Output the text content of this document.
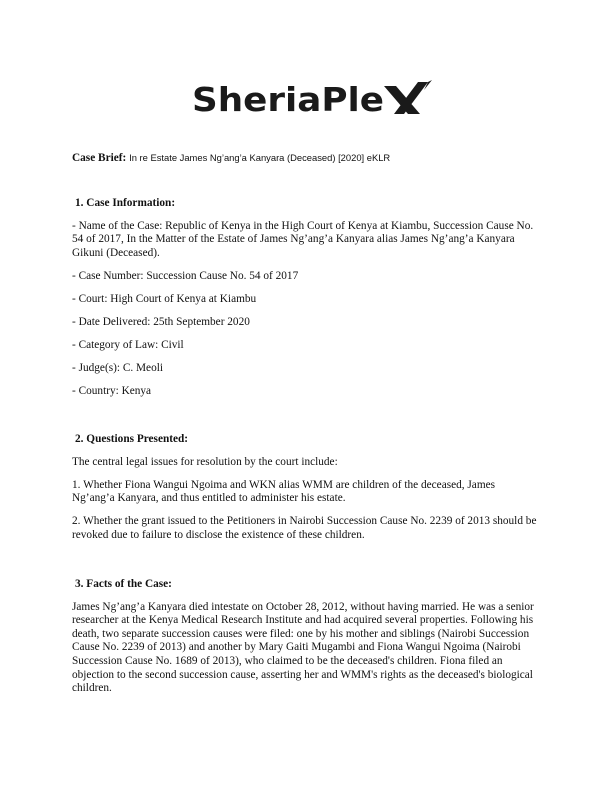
SheriaPle
Case Brief: In re Estate James Ng’ang’a Kanyara (Deceased) [2020] eKLR

1. Case Information:

- Name of the Case: Republic of Kenya in the High Court of Kenya at Kiambu, Succession Cause No. 54 of 2017, In the Matter of the Estate of James Ng’ang’a Kanyara alias James Ng’ang’a Kanyara Gikuni (Deceased).

- Case Number: Succession Cause No. 54 of 2017

- Court: High Court of Kenya at Kiambu

- Date Delivered: 25th September 2020

- Category of Law: Civil

- Judge(s): C. Meoli

- Country: Kenya

2. Questions Presented:

The central legal issues for resolution by the court include:

1. Whether Fiona Wangui Ngoima and WKN alias WMM are children of the deceased, James Ng’ang’a Kanyara, and thus entitled to administer his estate.

2. Whether the grant issued to the Petitioners in Nairobi Succession Cause No. 2239 of 2013 should be revoked due to failure to disclose the existence of these children.

3. Facts of the Case:

James Ng’ang’a Kanyara died intestate on October 28, 2012, without having married. He was a senior researcher at the Kenya Medical Research Institute and had acquired several properties. Following his death, two separate succession causes were filed: one by his mother and siblings (Nairobi Succession Cause No. 2239 of 2013) and another by Mary Gaiti Mugambi and Fiona Wangui Ngoima (Nairobi Succession Cause No. 1689 of 2013), who claimed to be the deceased's children. Fiona filed an objection to the second succession cause, asserting her and WMM's rights as the deceased's biological children.
